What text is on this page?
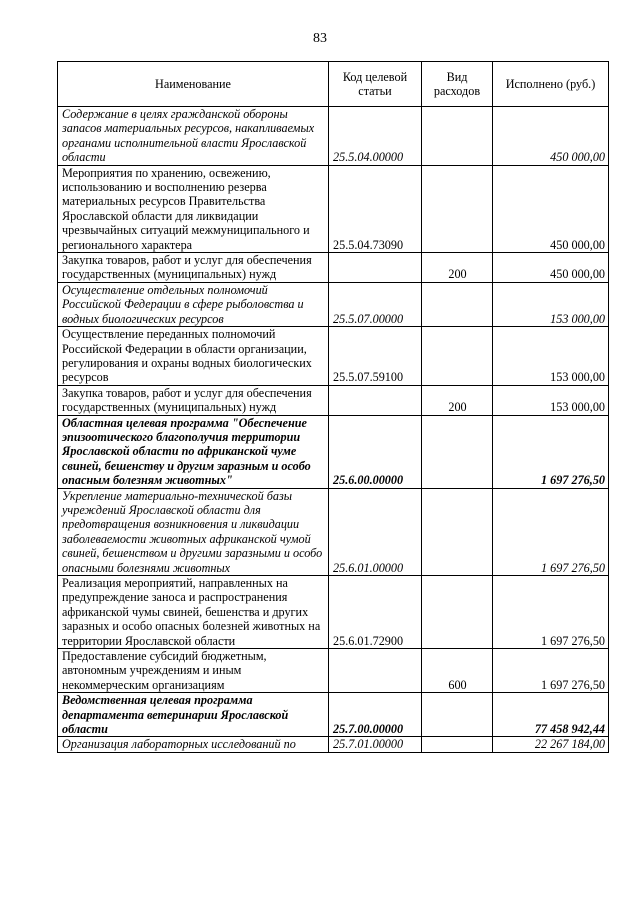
83
Наименование	Код целевой статьи	Вид расходов	Исполнено (руб.)
Содержание в целях гражданской обороны запасов материальных ресурсов, накапливаемых органами исполнительной власти Ярославской области	25.5.04.00000		450 000,00
Мероприятия по хранению, освежению, использованию и восполнению резерва материальных ресурсов Правительства Ярославской области для ликвидации чрезвычайных ситуаций межмуниципального и регионального характера	25.5.04.73090		450 000,00
Закупка товаров, работ и услуг для обеспечения государственных (муниципальных) нужд		200	450 000,00
Осуществление отдельных полномочий Российской Федерации в сфере рыболовства и водных биологических ресурсов	25.5.07.00000		153 000,00
Осуществление переданных полномочий Российской Федерации в области организации, регулирования и охраны водных биологических ресурсов	25.5.07.59100		153 000,00
Закупка товаров, работ и услуг для обеспечения государственных (муниципальных) нужд		200	153 000,00
Областная целевая программа "Обеспечение эпизоотического благополучия территории Ярославской области по африканской чуме свиней, бешенству и другим заразным и особо опасным болезням животных"	25.6.00.00000		1 697 276,50
Укрепление материально-технической базы учреждений Ярославской области для предотвращения возникновения и ликвидации заболеваемости животных африканской чумой свиней, бешенством и другими заразными и особо опасными болезнями животных	25.6.01.00000		1 697 276,50
Реализация мероприятий, направленных на предупреждение заноса и распространения африканской чумы свиней, бешенства и других заразных и особо опасных болезней животных на территории Ярославской области	25.6.01.72900		1 697 276,50
Предоставление субсидий бюджетным, автономным учреждениям и иным некоммерческим организациям		600	1 697 276,50
Ведомственная целевая программа департамента ветеринарии Ярославской области	25.7.00.00000		77 458 942,44
Организация лабораторных исследований по	25.7.01.00000		22 267 184,00
